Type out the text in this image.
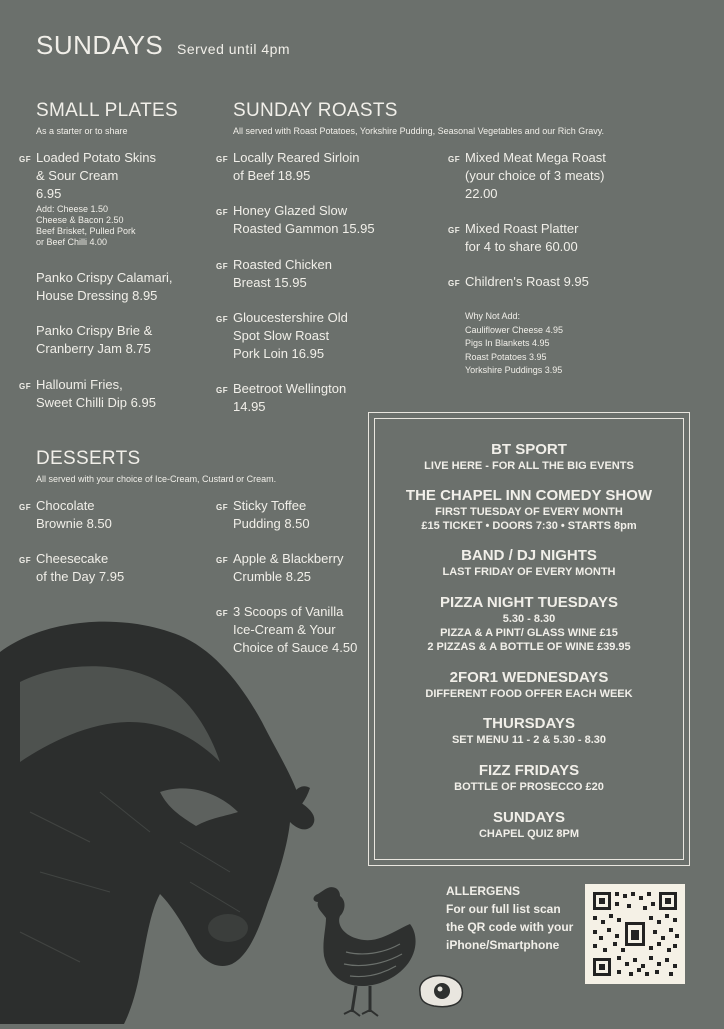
SUNDAYS Served until 4pm
SMALL PLATES
As a starter or to share
SUNDAY ROASTS
All served with Roast Potatoes, Yorkshire Pudding, Seasonal Vegetables and our Rich Gravy.
GF Loaded Potato Skins
& Sour Cream
6.95
Add: Cheese 1.50
Cheese & Bacon 2.50
Beef Brisket, Pulled Pork
or Beef Chilli 4.00
Panko Crispy Calamari,
House Dressing 8.95
Panko Crispy Brie &
Cranberry Jam 8.75
GF Halloumi Fries,
Sweet Chilli Dip 6.95
GF Locally Reared Sirloin
of Beef 18.95
GF Honey Glazed Slow
Roasted Gammon 15.95
GF Roasted Chicken
Breast 15.95
GF Gloucestershire Old
Spot Slow Roast
Pork Loin 16.95
GF Beetroot Wellington
14.95
GF Mixed Meat Mega Roast
(your choice of 3 meats)
22.00
GF Mixed Roast Platter
for 4 to share 60.00
GF Children's Roast 9.95
Why Not Add:
Cauliflower Cheese 4.95
Pigs In Blankets 4.95
Roast Potatoes 3.95
Yorkshire Puddings 3.95
DESSERTS
All served with your choice of Ice-Cream, Custard or Cream.
GF Chocolate
Brownie 8.50
GF Cheesecake
of the Day 7.95
GF Sticky Toffee
Pudding 8.50
GF Apple & Blackberry
Crumble 8.25
GF 3 Scoops of Vanilla
Ice-Cream & Your
Choice of Sauce 4.50
BT SPORT
LIVE HERE - FOR ALL THE BIG EVENTS
THE CHAPEL INN COMEDY SHOW
FIRST TUESDAY OF EVERY MONTH
£15 TICKET • DOORS 7:30 • STARTS 8pm
BAND / DJ NIGHTS
LAST FRIDAY OF EVERY MONTH
PIZZA NIGHT TUESDAYS
5.30 - 8.30
PIZZA & A PINT/ GLASS WINE £15
2 PIZZAS & A BOTTLE OF WINE £39.95
2FOR1 WEDNESDAYS
DIFFERENT FOOD OFFER EACH WEEK
THURSDAYS
SET MENU 11 - 2 & 5.30 - 8.30
FIZZ FRIDAYS
BOTTLE OF PROSECCO £20
SUNDAYS
CHAPEL QUIZ 8PM
ALLERGENS
For our full list scan
the QR code with your
iPhone/Smartphone
